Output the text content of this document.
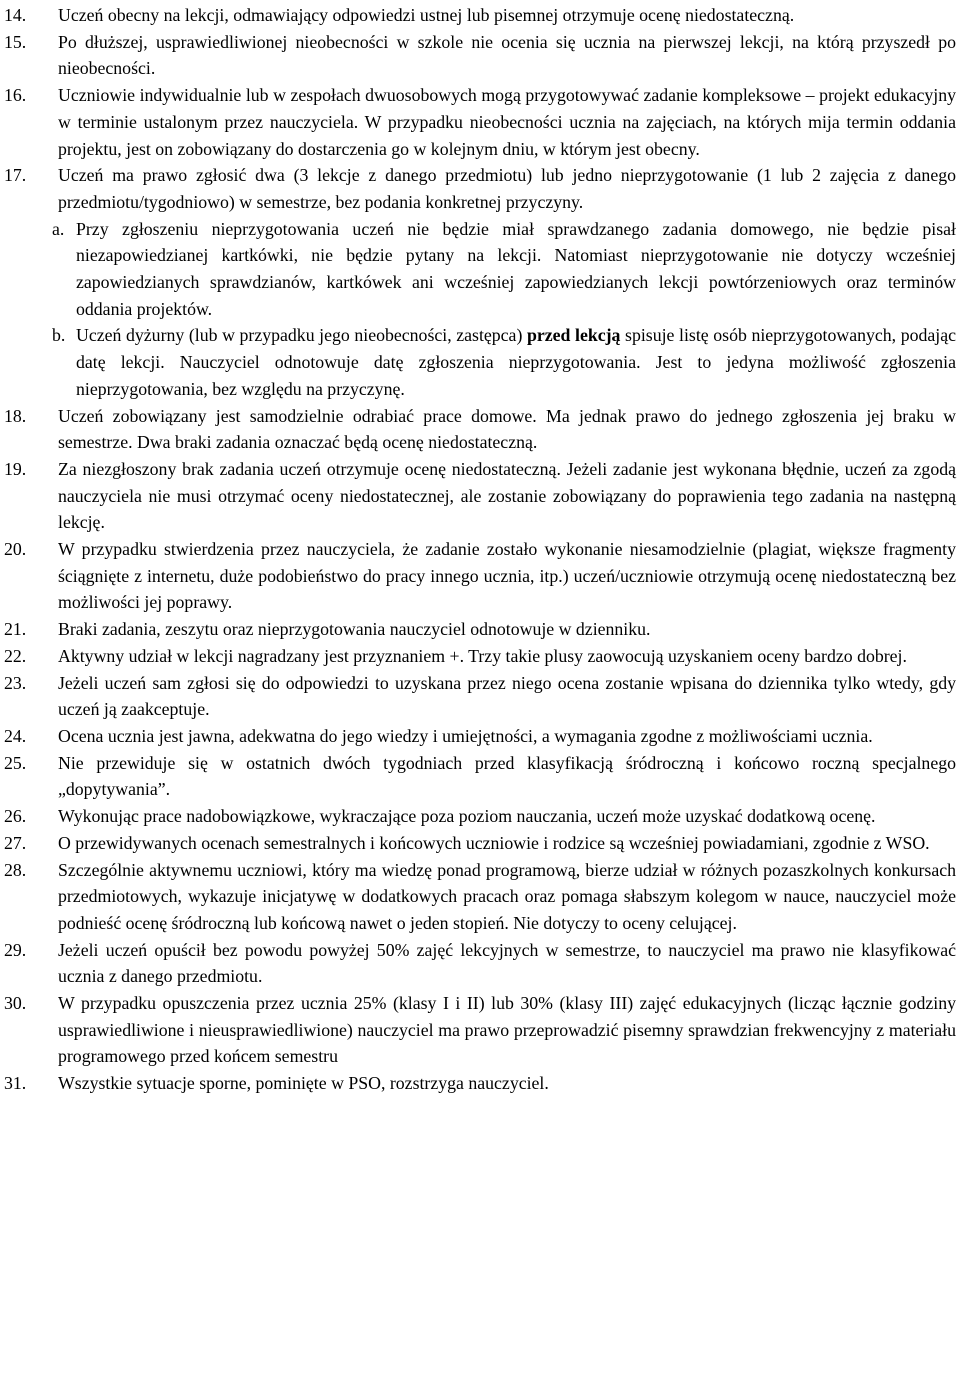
14. Uczeń obecny na lekcji, odmawiający odpowiedzi ustnej lub pisemnej otrzymuje ocenę niedostateczną.

15. Po dłuższej, usprawiedliwionej nieobecności w szkole nie ocenia się ucznia na pierwszej lekcji, na którą przyszedł po nieobecności.

16. Uczniowie indywidualnie lub w zespołach dwuosobowych mogą przygotowywać zadanie kompleksowe – projekt edukacyjny w terminie ustalonym przez nauczyciela. W przypadku nieobecności ucznia na zajęciach, na których mija termin oddania projektu, jest on zobowiązany do dostarczenia go w kolejnym dniu, w którym jest obecny.

17. Uczeń ma prawo zgłosić dwa (3 lekcje z danego przedmiotu) lub jedno nieprzygotowanie (1 lub 2 zajęcia z danego przedmiotu/tygodniowo) w semestrze, bez podania konkretnej przyczyny.

a. Przy zgłoszeniu nieprzygotowania uczeń nie będzie miał sprawdzanego zadania domowego, nie będzie pisał niezapowiedzianej kartkówki, nie będzie pytany na lekcji. Natomiast nieprzygotowanie nie dotyczy wcześniej zapowiedzianych sprawdzianów, kartkówek ani wcześniej zapowiedzianych lekcji powtórzeniowych oraz terminów oddania projektów.

b. Uczeń dyżurny (lub w przypadku jego nieobecności, zastępca) przed lekcją spisuje listę osób nieprzygotowanych, podając datę lekcji. Nauczyciel odnotowuje datę zgłoszenia nieprzygotowania. Jest to jedyna możliwość zgłoszenia nieprzygotowania, bez względu na przyczynę.

18. Uczeń zobowiązany jest samodzielnie odrabiać prace domowe. Ma jednak prawo do jednego zgłoszenia jej braku w semestrze. Dwa braki zadania oznaczać będą ocenę niedostateczną.

19. Za niezgłoszony brak zadania uczeń otrzymuje ocenę niedostateczną. Jeżeli zadanie jest wykonana błędnie, uczeń za zgodą nauczyciela nie musi otrzymać oceny niedostatecznej, ale zostanie zobowiązany do poprawienia tego zadania na następną lekcję.

20. W przypadku stwierdzenia przez nauczyciela, że zadanie zostało wykonanie niesamodzielnie (plagiat, większe fragmenty ściągnięte z internetu, duże podobieństwo do pracy innego ucznia, itp.) uczeń/uczniowie otrzymują ocenę niedostateczną bez możliwości jej poprawy.

21. Braki zadania, zeszytu oraz nieprzygotowania nauczyciel odnotowuje w dzienniku.

22. Aktywny udział w lekcji nagradzany jest przyznaniem +. Trzy takie plusy zaowocują uzyskaniem oceny bardzo dobrej.

23. Jeżeli uczeń sam zgłosi się do odpowiedzi to uzyskana przez niego ocena zostanie wpisana do dziennika tylko wtedy, gdy uczeń ją zaakceptuje.

24. Ocena ucznia jest jawna, adekwatna do jego wiedzy i umiejętności, a wymagania zgodne z możliwościami ucznia.

25. Nie przewiduje się w ostatnich dwóch tygodniach przed klasyfikacją śródroczną i końcowo roczną specjalnego „dopytywania”.

26. Wykonując prace nadobowiązkowe, wykraczające poza poziom nauczania, uczeń może uzyskać dodatkową ocenę.

27. O przewidywanych ocenach semestralnych i końcowych uczniowie i rodzice są wcześniej powiadamiani, zgodnie z WSO.

28. Szczególnie aktywnemu uczniowi, który ma wiedzę ponad programową, bierze udział w różnych pozaszkolnych konkursach przedmiotowych, wykazuje inicjatywę w dodatkowych pracach oraz pomaga słabszym kolegom w nauce, nauczyciel może podnieść ocenę śródroczną lub końcową nawet o jeden stopień. Nie dotyczy to oceny celującej.

29. Jeżeli uczeń opuścił bez powodu powyżej 50% zajęć lekcyjnych w semestrze, to nauczyciel ma prawo nie klasyfikować ucznia z danego przedmiotu.

30. W przypadku opuszczenia przez ucznia 25% (klasy I i II) lub 30% (klasy III) zajęć edukacyjnych (licząc łącznie godziny usprawiedliwione i nieusprawiedliwione) nauczyciel ma prawo przeprowadzić pisemny sprawdzian frekwencyjny z materiału programowego przed końcem semestru

31. Wszystkie sytuacje sporne, pominięte w PSO, rozstrzyga nauczyciel.
